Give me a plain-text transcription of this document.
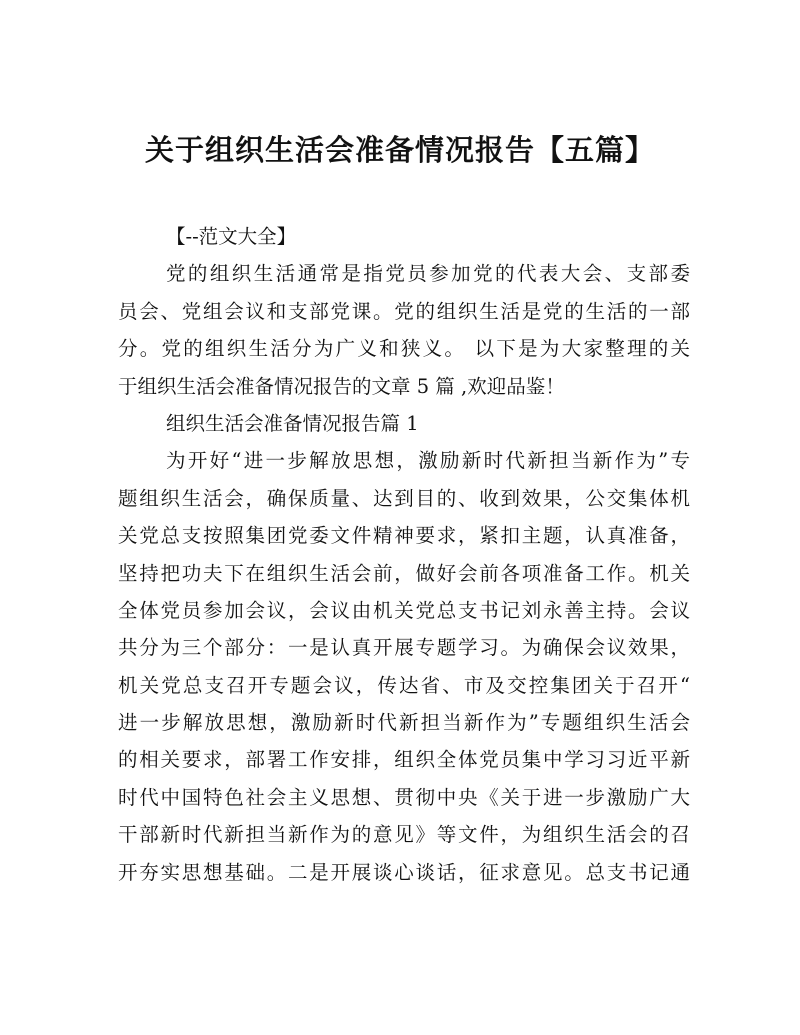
关于组织生活会准备情况报告【五篇】
【--范文大全】
党的组织生活通常是指党员参加党的代表大会、支部委
员会、党组会议和支部党课。党的组织生活是党的生活的一部
分。党的组织生活分为广义和狭义。 以下是为大家整理的关
于组织生活会准备情况报告的文章 5 篇 ,欢迎品鉴！
组织生活会准备情况报告篇 1
为开好“进一步解放思想，激励新时代新担当新作为”专
题组织生活会，确保质量、达到目的、收到效果，公交集体机
关党总支按照集团党委文件精神要求，紧扣主题，认真准备，
坚持把功夫下在组织生活会前，做好会前各项准备工作。机关
全体党员参加会议，会议由机关党总支书记刘永善主持。会议
共分为三个部分：一是认真开展专题学习。为确保会议效果，
机关党总支召开专题会议，传达省、市及交控集团关于召开“
进一步解放思想，激励新时代新担当新作为”专题组织生活会
的相关要求，部署工作安排，组织全体党员集中学习习近平新
时代中国特色社会主义思想、贯彻中央《关于进一步激励广大
干部新时代新担当新作为的意见》等文件，为组织生活会的召
开夯实思想基础。二是开展谈心谈话，征求意见。总支书记通
